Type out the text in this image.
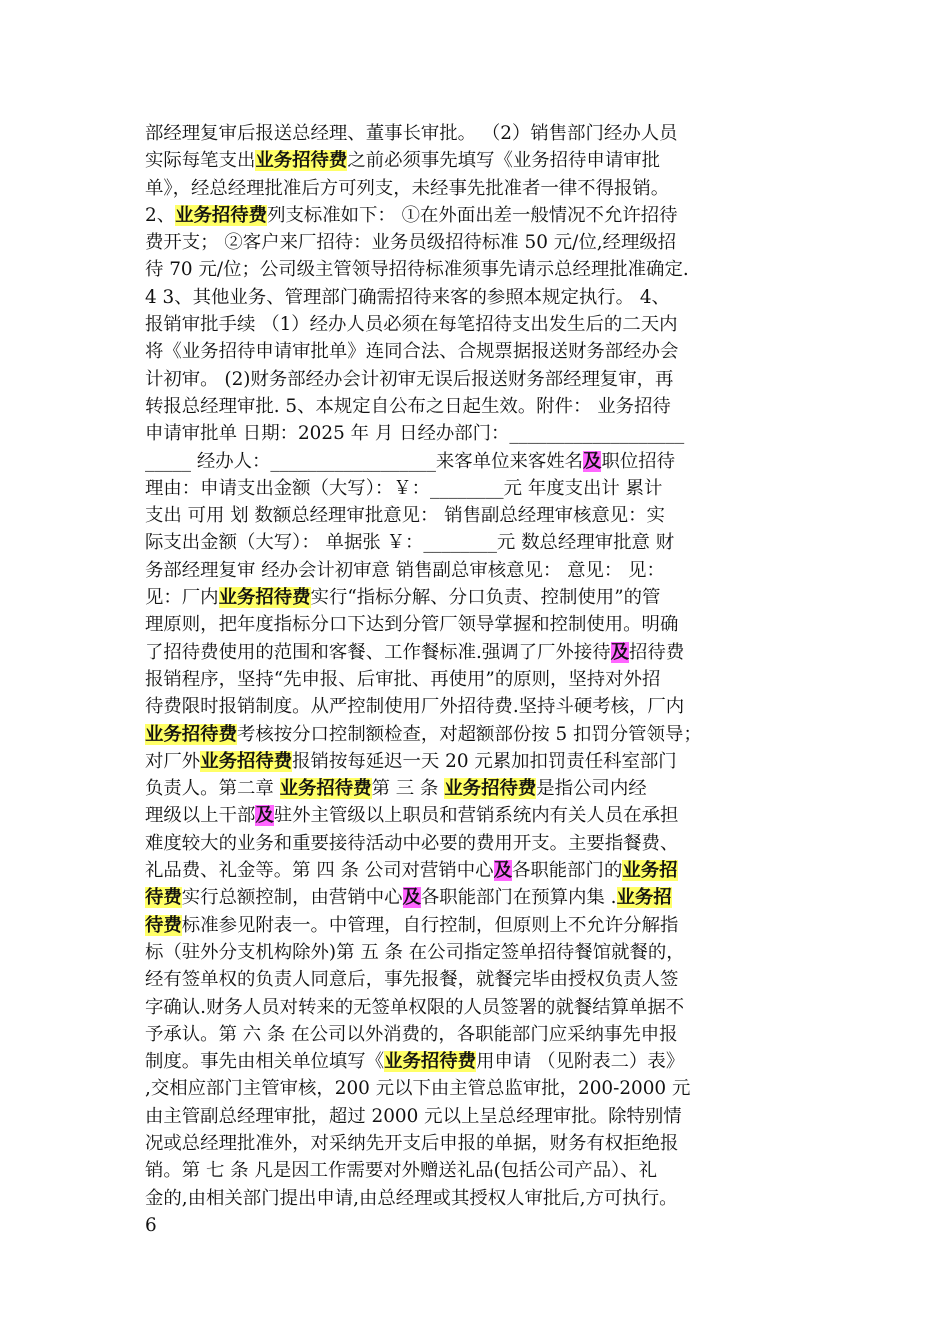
部经理复审后报送总经理、董事长审批。 （2）销售部门经办人员
实际每笔支出业务招待费之前必须事先填写《业务招待申请审批
单》，经总经理批准后方可列支，未经事先批准者一律不得报销。
2、业务招待费列支标准如下： ①在外面出差一般情况不允许招待
费开支； ②客户来厂招待：业务员级招待标准 50 元/位,经理级招
待 70 元/位；公司级主管领导招待标准须事先请示总经理批准确定.
4 3、其他业务、管理部门确需招待来客的参照本规定执行。 4、
报销审批手续 （1）经办人员必须在每笔招待支出发生后的二天内
将《业务招待申请审批单》连同合法、合规票据报送财务部经办会
计初审。 (2)财务部经办会计初审无误后报送财务部经理复审，再
转报总经理审批. 5、本规定自公布之日起生效。附件： 业务招待
申请审批单 日期：2025 年 月 日经办部门：___________________
_____ 经办人：__________________来客单位来客姓名及职位招待
理由：申请支出金额（大写）：￥：________元 年度支出计 累计
支出 可用 划 数额总经理审批意见： 销售副总经理审核意见：实
际支出金额（大写）： 单据张 ￥：________元 数总经理审批意 财
务部经理复审 经办会计初审意 销售副总审核意见： 意见： 见：
见：厂内业务招待费实行“指标分解、分口负责、控制使用”的管
理原则，把年度指标分口下达到分管厂领导掌握和控制使用。明确
了招待费使用的范围和客餐、工作餐标准.强调了厂外接待及招待费
报销程序，坚持“先申报、后审批、再使用”的原则，坚持对外招
待费限时报销制度。从严控制使用厂外招待费.坚持斗硬考核，厂内
业务招待费考核按分口控制额检查，对超额部份按 5 扣罚分管领导；
对厂外业务招待费报销按每延迟一天 20 元累加扣罚责任科室部门
负责人。第二章 业务招待费第 三 条 业务招待费是指公司内经
理级以上干部及驻外主管级以上职员和营销系统内有关人员在承担
难度较大的业务和重要接待活动中必要的费用开支。主要指餐费、
礼品费、礼金等。第 四 条 公司对营销中心及各职能部门的业务招
待费实行总额控制，由营销中心及各职能部门在预算内集 .业务招
待费标准参见附表一。中管理，自行控制，但原则上不允许分解指
标（驻外分支机构除外)第 五 条 在公司指定签单招待餐馆就餐的，
经有签单权的负责人同意后，事先报餐，就餐完毕由授权负责人签
字确认.财务人员对转来的无签单权限的人员签署的就餐结算单据不
予承认。第 六 条 在公司以外消费的，各职能部门应采纳事先申报
制度。事先由相关单位填写《业务招待费用申请 （见附表二）表》
,交相应部门主管审核，200 元以下由主管总监审批，200-2000 元
由主管副总经理审批，超过 2000 元以上呈总经理审批。除特别情
况或总经理批准外，对采纳先开支后申报的单据，财务有权拒绝报
销。第 七 条 凡是因工作需要对外赠送礼品(包括公司产品）、礼
金的,由相关部门提出申请,由总经理或其授权人审批后,方可执行。
6
